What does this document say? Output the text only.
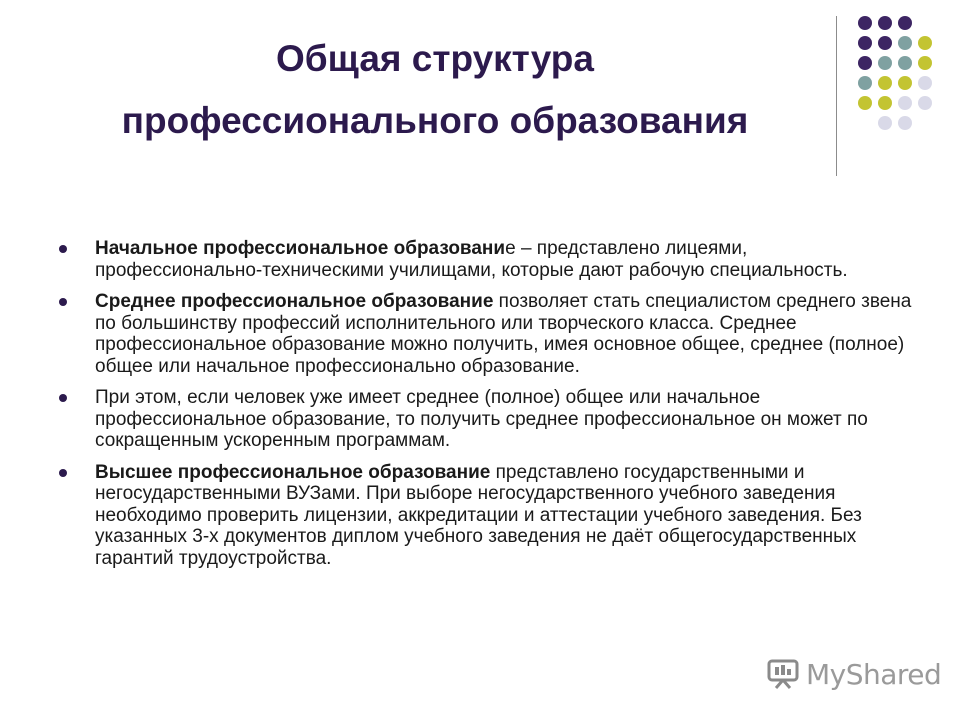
Общая структура
профессионального образования
Начальное профессиональное образование – представлено лицеями, профессионально-техническими училищами, которые дают рабочую специальность.
Среднее профессиональное образование позволяет стать специалистом среднего звена по большинству профессий исполнительного или творческого класса. Среднее профессиональное образование можно получить, имея основное общее, среднее (полное) общее или начальное профессионально образование.
При этом, если человек уже имеет среднее (полное) общее или начальное профессиональное образование, то получить среднее профессиональное он может по сокращенным ускоренным программам.
Высшее профессиональное образование представлено государственными и негосударственными ВУЗами. При выборе негосударственного учебного заведения необходимо проверить лицензии, аккредитации и аттестации учебного заведения. Без указанных 3-х документов диплом учебного заведения не даёт общегосударственных гарантий трудоустройства.
MyShared
